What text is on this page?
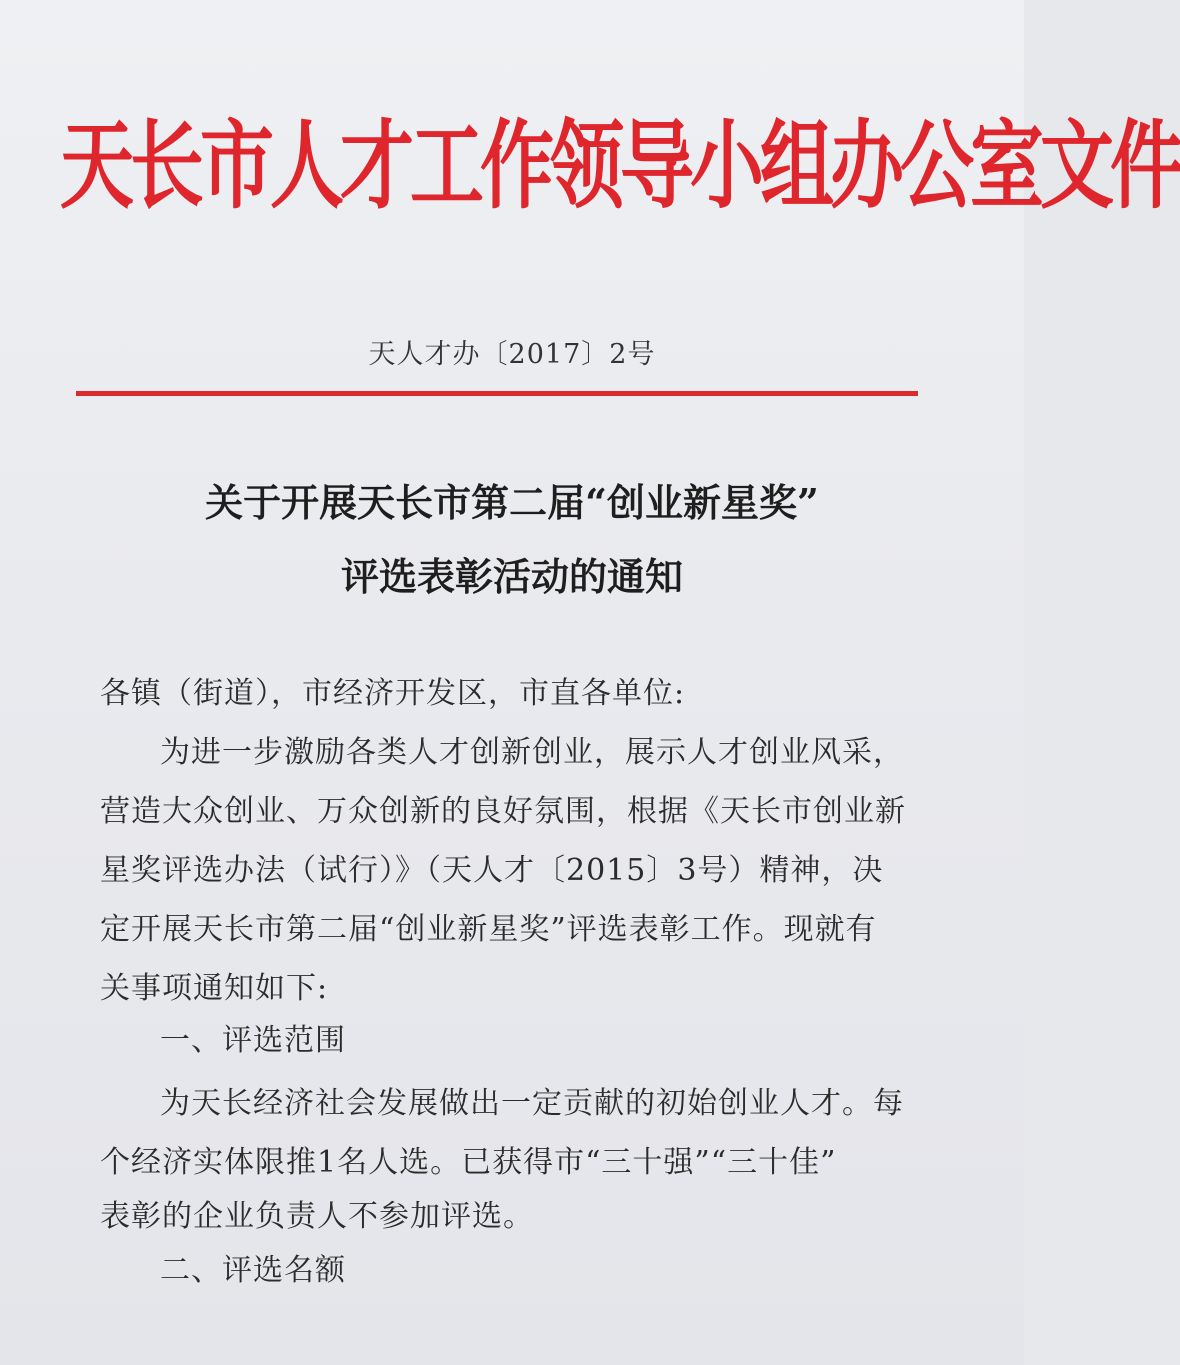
天长市人才工作领导小组办公室文件
天人才办〔2017〕2号
关于开展天长市第二届“创业新星奖”
评选表彰活动的通知
各镇（街道），市经济开发区，市直各单位:
为进一步激励各类人才创新创业，展示人才创业风采，
营造大众创业、万众创新的良好氛围，根据《天长市创业新
星奖评选办法（试行）》（天人才〔2015〕3号）精神，决
定开展天长市第二届“创业新星奖”评选表彰工作。现就有
关事项通知如下:
一、评选范围
为天长经济社会发展做出一定贡献的初始创业人才。每
个经济实体限推1名人选。已获得市“三十强”“三十佳”
表彰的企业负责人不参加评选。
二、评选名额
